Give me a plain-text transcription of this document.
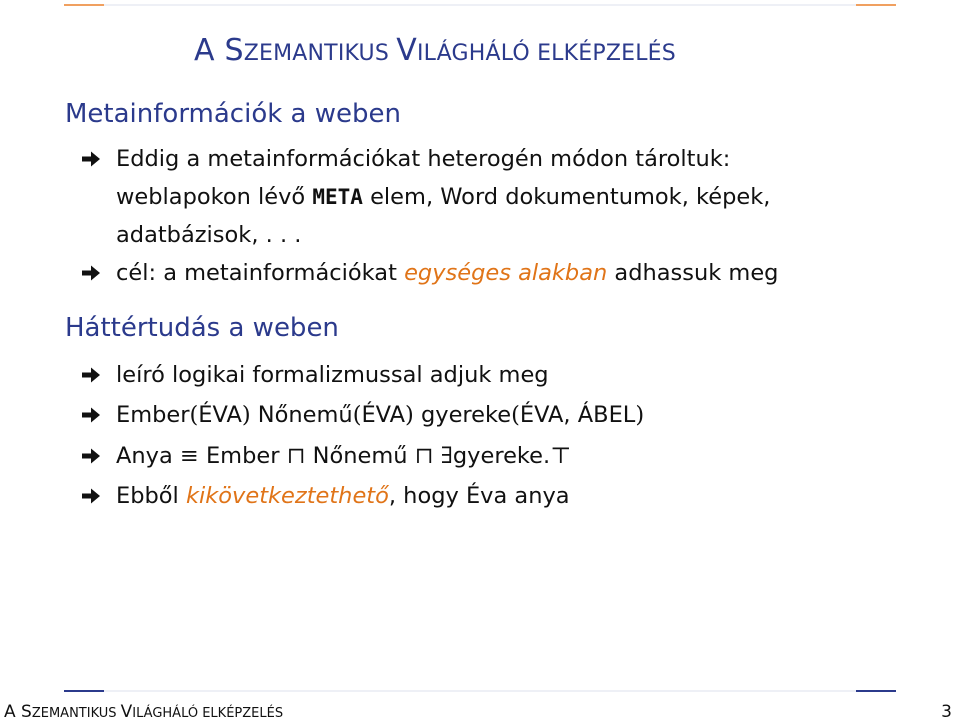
A SZEMANTIKUS VILÁGHÁLÓ ELKÉPZELÉS
Metainformációk a weben
Eddig a metainformációkat heterogén módon tároltuk:
weblapokon lévő META elem, Word dokumentumok, képek,
adatbázisok, . . .
cél: a metainformációkat egységes alakban adhassuk meg
Háttértudás a weben
leíró logikai formalizmussal adjuk meg
Ember(ÉVA) Nőnemű(ÉVA) gyereke(ÉVA, ÁBEL)
Anya ≡ Ember ⊓ Nőnemű ⊓ ∃gyereke.⊤
Ebből kikövetkeztethető, hogy Éva anya
A SZEMANTIKUS VILÁGHÁLÓ ELKÉPZELÉS	3
